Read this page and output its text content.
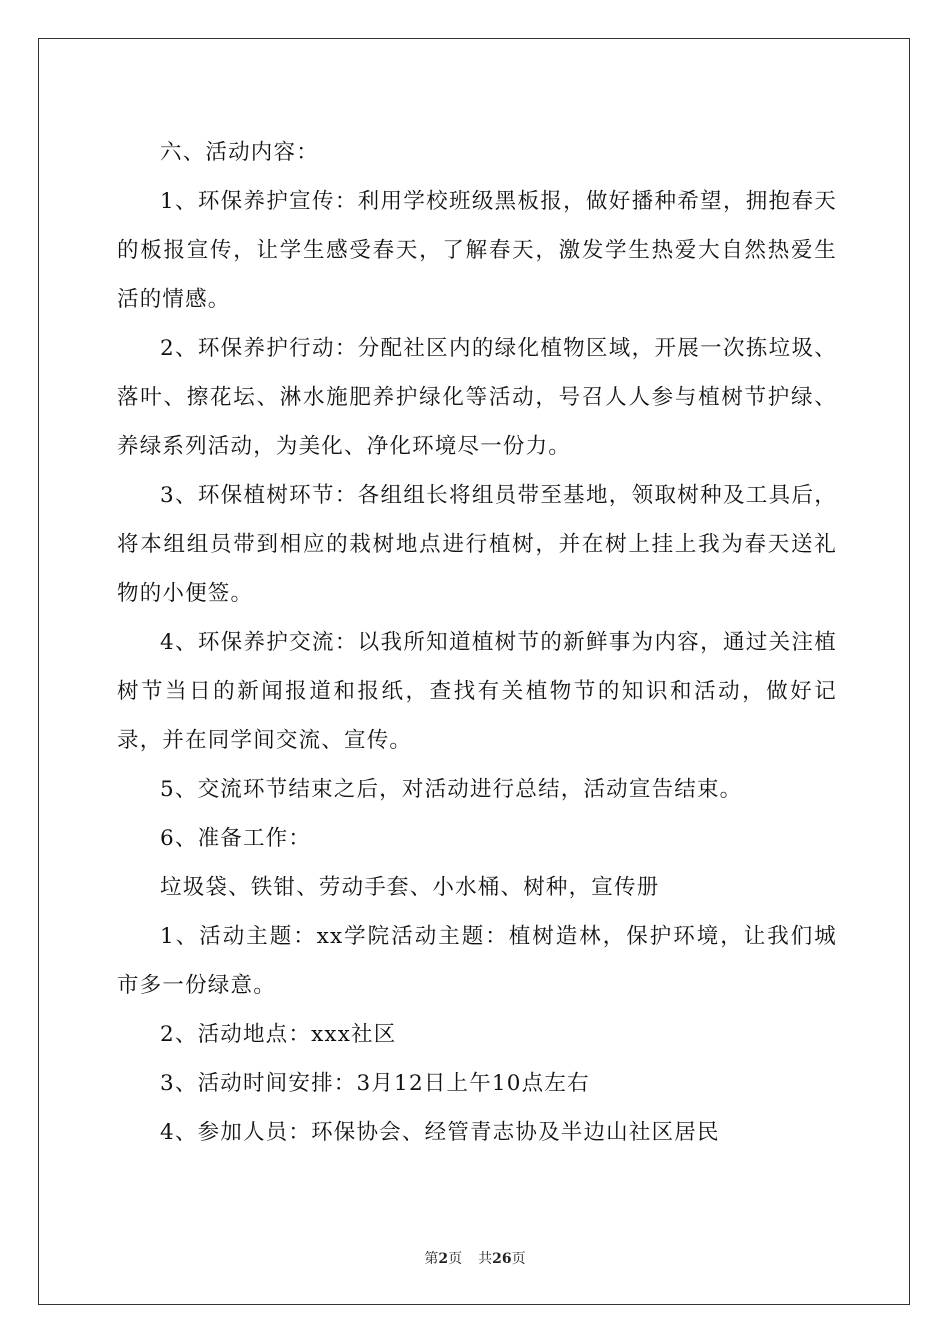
六、活动内容：

1、环保养护宣传：利用学校班级黑板报，做好播种希望，拥抱春天的板报宣传，让学生感受春天，了解春天，激发学生热爱大自然热爱生活的情感。

2、环保养护行动：分配社区内的绿化植物区域，开展一次拣垃圾、落叶、擦花坛、淋水施肥养护绿化等活动，号召人人参与植树节护绿、养绿系列活动，为美化、净化环境尽一份力。

3、环保植树环节：各组组长将组员带至基地，领取树种及工具后，将本组组员带到相应的栽树地点进行植树，并在树上挂上我为春天送礼物的小便签。

4、环保养护交流：以我所知道植树节的新鲜事为内容，通过关注植树节当日的新闻报道和报纸，查找有关植物节的知识和活动，做好记录，并在同学间交流、宣传。

5、交流环节结束之后，对活动进行总结，活动宣告结束。

6、准备工作：

垃圾袋、铁钳、劳动手套、小水桶、树种，宣传册

1、活动主题：xx学院活动主题：植树造林，保护环境，让我们城市多一份绿意。

2、活动地点：xxx社区

3、活动时间安排：3月12日上午10点左右

4、参加人员：环保协会、经管青志协及半边山社区居民

第2页 共26页
